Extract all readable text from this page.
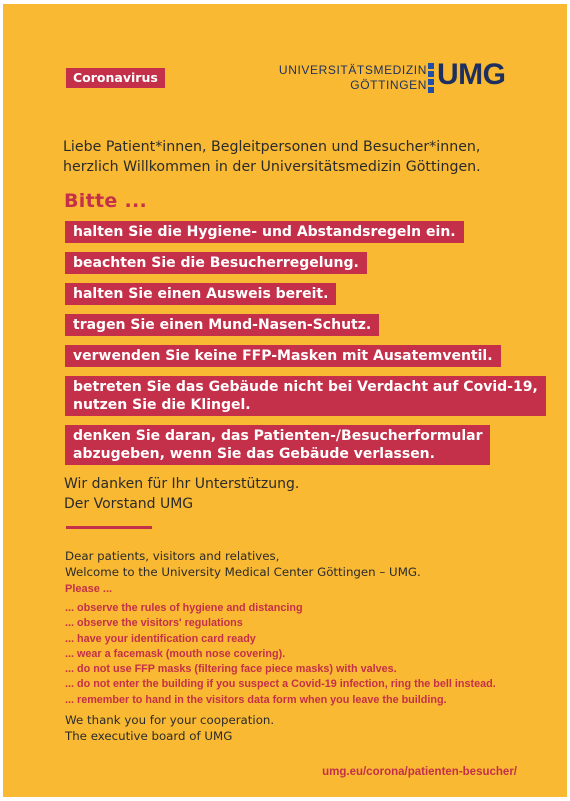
Coronavirus	UNIVERSITÄTSMEDIZIN
GÖTTINGEN UMG
Liebe Patient*innen, Begleitpersonen und Besucher*innen,
herzlich Willkommen in der Universitätsmedizin Göttingen.
Bitte ...
halten Sie die Hygiene- und Abstandsregeln ein.
beachten Sie die Besucherregelung.
halten Sie einen Ausweis bereit.
tragen Sie einen Mund-Nasen-Schutz.
verwenden Sie keine FFP-Masken mit Ausatemventil.
betreten Sie das Gebäude nicht bei Verdacht auf Covid-19,
nutzen Sie die Klingel.
denken Sie daran, das Patienten-/Besucherformular
abzugeben, wenn Sie das Gebäude verlassen.
Wir danken für Ihr Unterstützung.
Der Vorstand UMG
Dear patients, visitors and relatives,
Welcome to the University Medical Center Göttingen – UMG.
Please ...
... observe the rules of hygiene and distancing
... observe the visitors' regulations
... have your identification card ready
... wear a facemask (mouth nose covering).
... do not use FFP masks (filtering face piece masks) with valves.
... do not enter the building if you suspect a Covid-19 infection, ring the bell instead.
... remember to hand in the visitors data form when you leave the building.
We thank you for your cooperation.
The executive board of UMG
umg.eu/corona/patienten-besucher/
